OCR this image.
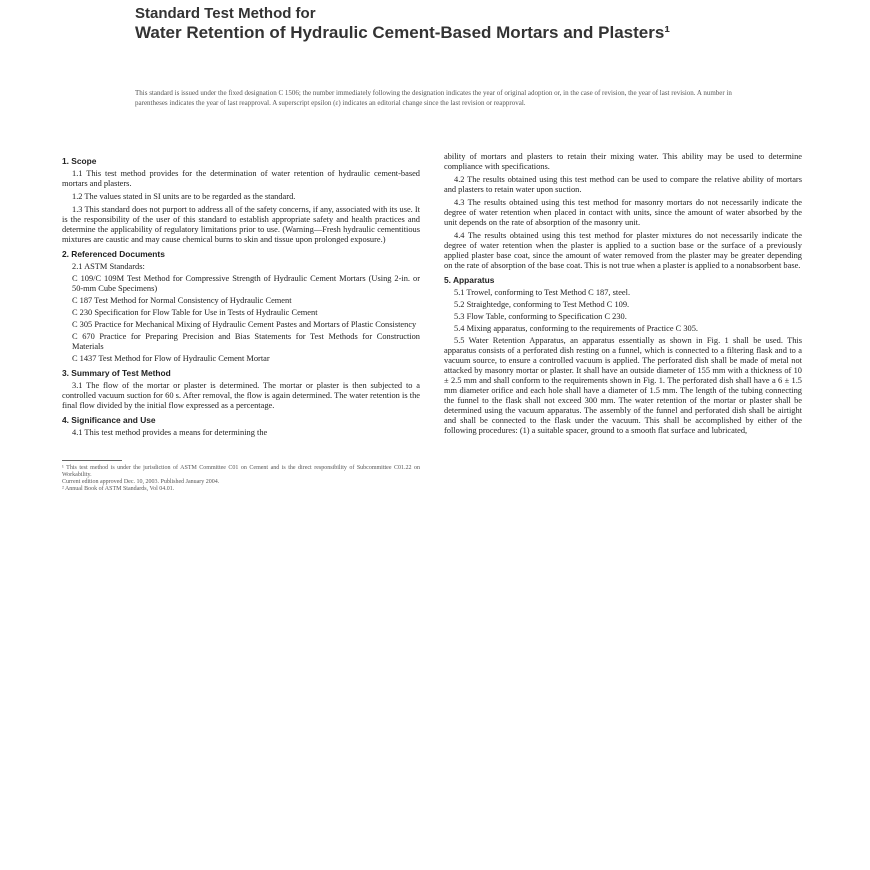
Standard Test Method for
Water Retention of Hydraulic Cement-Based Mortars and Plasters¹
This standard is issued under the fixed designation C 1506; the number immediately following the designation indicates the year of original adoption or, in the case of revision, the year of last revision. A number in parentheses indicates the year of last reapproval. A superscript epsilon (ε) indicates an editorial change since the last revision or reapproval.
1. Scope

1.1 This test method provides for the determination of water retention of hydraulic cement-based mortars and plasters.

1.2 The values stated in SI units are to be regarded as the standard.

1.3 This standard does not purport to address all of the safety concerns, if any, associated with its use. It is the responsibility of the user of this standard to establish appropriate safety and health practices and determine the applicability of regulatory limitations prior to use. (Warning—Fresh hydraulic cementitious mixtures are caustic and may cause chemical burns to skin and tissue upon prolonged exposure.)

2. Referenced Documents
2.1 ASTM Standards:
C 109/C 109M Test Method for Compressive Strength of Hydraulic Cement Mortars (Using 2-in. or 50-mm Cube Specimens)
C 187 Test Method for Normal Consistency of Hydraulic Cement
C 230 Specification for Flow Table for Use in Tests of Hydraulic Cement
C 305 Practice for Mechanical Mixing of Hydraulic Cement Pastes and Mortars of Plastic Consistency
C 670 Practice for Preparing Precision and Bias Statements for Test Methods for Construction Materials
C 1437 Test Method for Flow of Hydraulic Cement Mortar
3. Summary of Test Method

3.1 The flow of the mortar or plaster is determined. The mortar or plaster is then subjected to a controlled vacuum suction for 60 s. After removal, the flow is again determined. The water retention is the final flow divided by the initial flow expressed as a percentage.

4. Significance and Use

4.1 This test method provides a means for determining the

¹ This test method is under the jurisdiction of ASTM Committee C01 on Cement and is the direct responsibility of Subcommittee C01.22 on Workability.
Current edition approved Dec. 10, 2003. Published January 2004.
² Annual Book of ASTM Standards, Vol 04.01.

ability of mortars and plasters to retain their mixing water. This ability may be used to determine compliance with specifications.

4.2 The results obtained using this test method can be used to compare the relative ability of mortars and plasters to retain water upon suction.

4.3 The results obtained using this test method for masonry mortars do not necessarily indicate the degree of water retention when placed in contact with units, since the amount of water absorbed by the unit depends on the rate of absorption of the masonry unit.

4.4 The results obtained using this test method for plaster mixtures do not necessarily indicate the degree of water retention when the plaster is applied to a suction base or the surface of a previously applied plaster base coat, since the amount of water removed from the plaster may be greater depending on the rate of absorption of the base coat. This is not true when a plaster is applied to a nonabsorbent base.

5. Apparatus
5.1 Trowel, conforming to Test Method C 187, steel.
5.2 Straightedge, conforming to Test Method C 109.
5.3 Flow Table, conforming to Specification C 230.
5.4 Mixing apparatus, conforming to the requirements of Practice C 305.

5.5 Water Retention Apparatus, an apparatus essentially as shown in Fig. 1 shall be used. This apparatus consists of a perforated dish resting on a funnel, which is connected to a filtering flask and to a vacuum source, to ensure a controlled vacuum is applied. The perforated dish shall be made of metal not attacked by masonry mortar or plaster. It shall have an outside diameter of 155 mm with a thickness of 10 ± 2.5 mm and shall conform to the requirements shown in Fig. 1. The perforated dish shall have a 6 ± 1.5 mm diameter orifice and each hole shall have a diameter of 1.5 mm. The length of the tubing connecting the funnel to the flask shall not exceed 300 mm. The water retention of the mortar or plaster shall be determined using the vacuum apparatus. The assembly of the funnel and perforated dish shall be airtight and shall be connected to the flask under the vacuum. This shall be accomplished by either of the following procedures: (1) a suitable spacer, ground to a smooth flat surface and lubricated,
